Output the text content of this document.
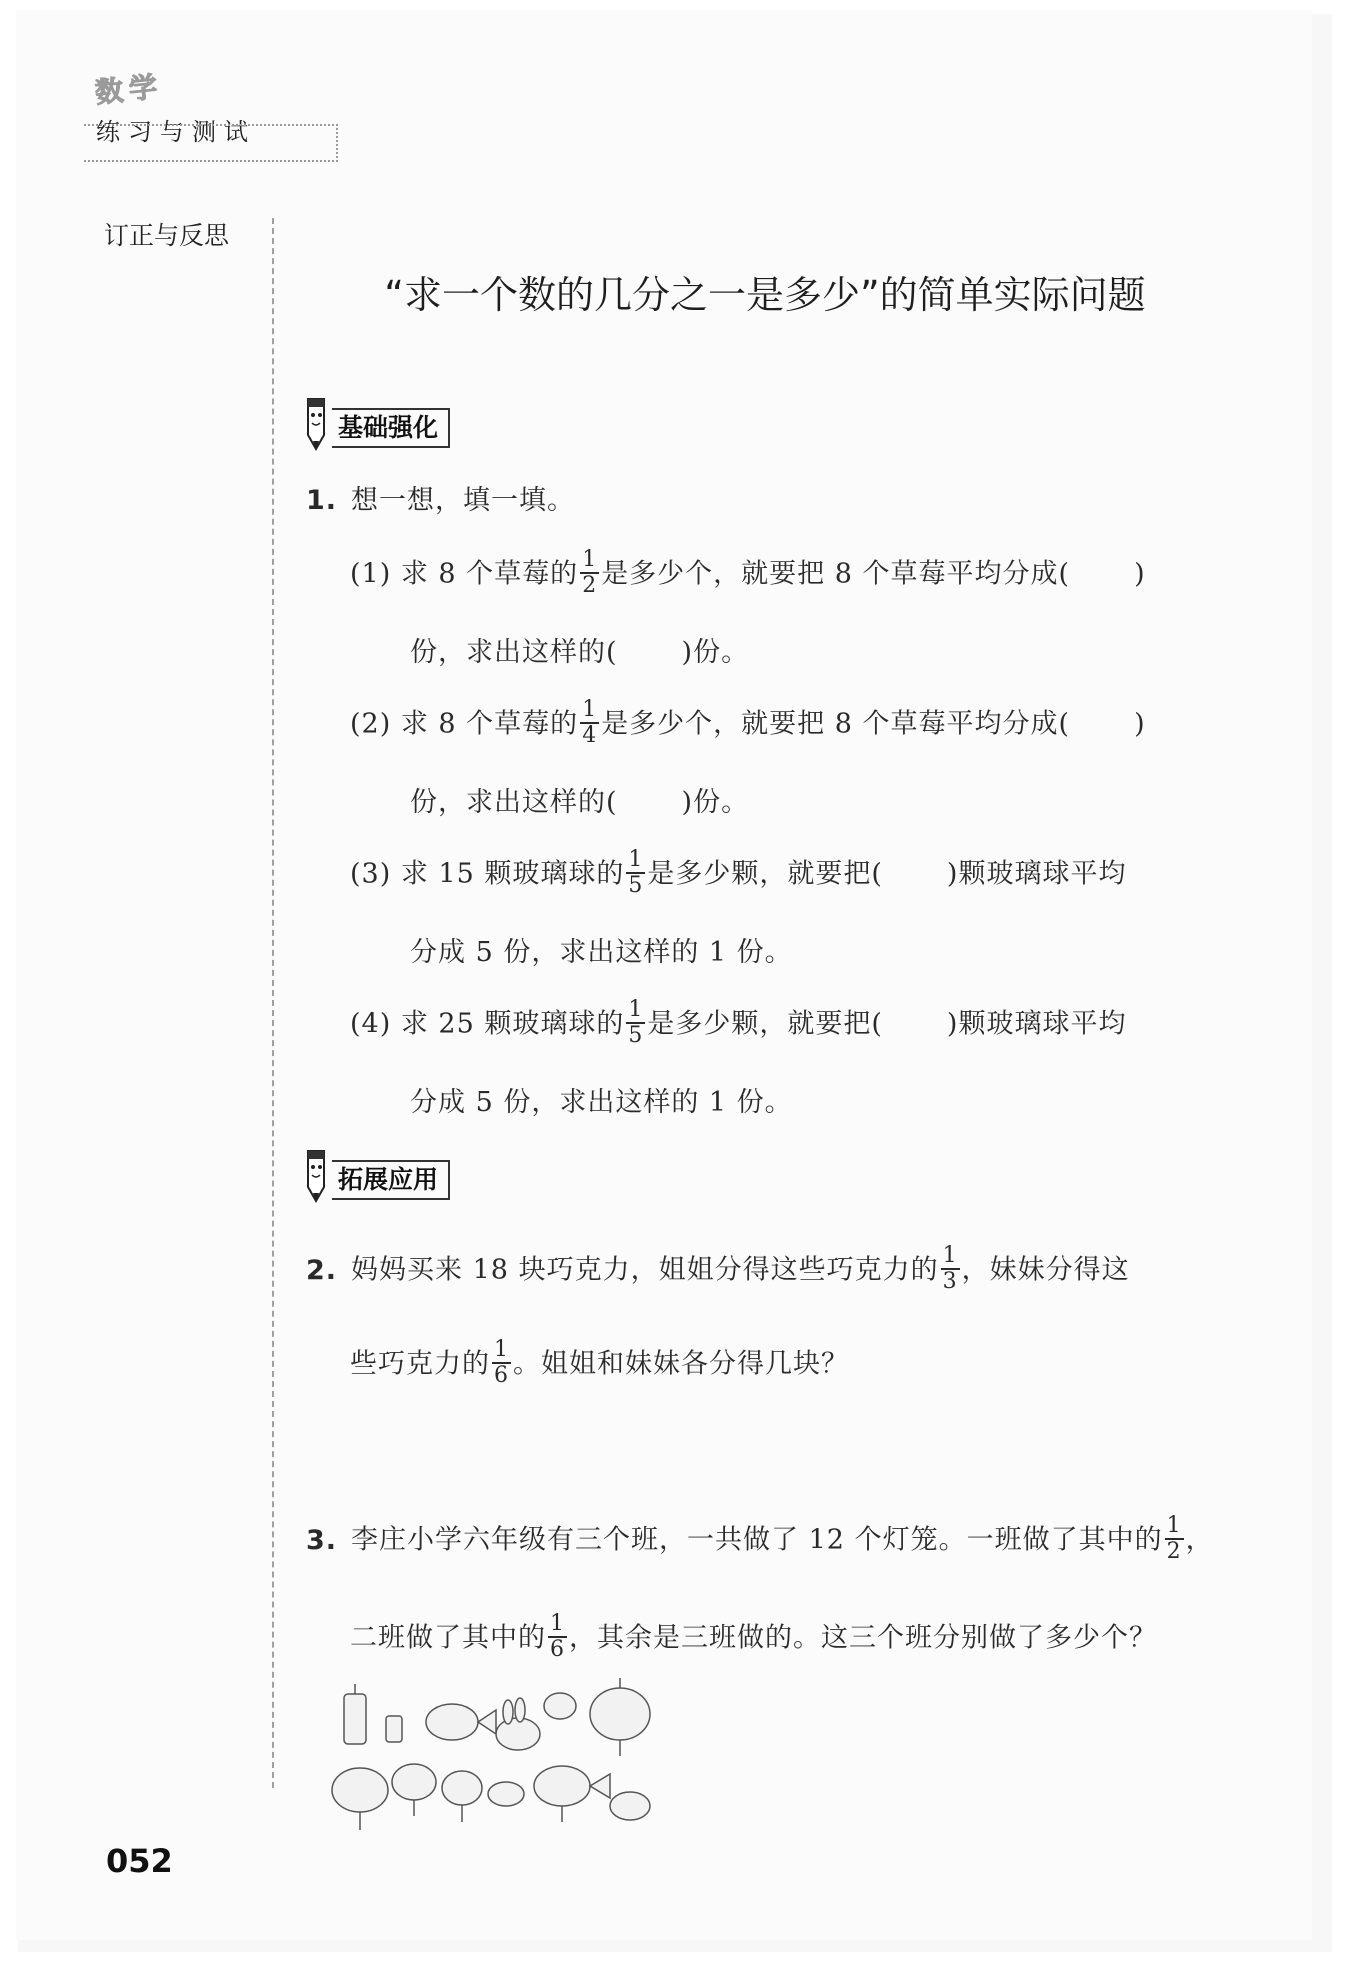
数学
练习与测试
订正与反思
“求一个数的几分之一是多少”的简单实际问题
基础强化
1. 想一想，填一填。
(1) 求 8 个草莓的 $\frac{1}{2}$ 是多少个，就要把 8 个草莓平均分成( )
份，求出这样的( )份。
(2) 求 8 个草莓的 $\frac{1}{4}$ 是多少个，就要把 8 个草莓平均分成( )
份，求出这样的( )份。
(3) 求 15 颗玻璃球的 $\frac{1}{5}$ 是多少颗，就要把( )颗玻璃球平均
分成 5 份，求出这样的 1 份。
(4) 求 25 颗玻璃球的 $\frac{1}{5}$ 是多少颗，就要把( )颗玻璃球平均
分成 5 份，求出这样的 1 份。
拓展应用
2. 妈妈买来 18 块巧克力，姐姐分得这些巧克力的 $\frac{1}{3}$ ，妹妹分得这
些巧克力的 $\frac{1}{6}$ 。姐姐和妹妹各分得几块？
3. 李庄小学六年级有三个班，一共做了 12 个灯笼。一班做了其中的 $\frac{1}{2}$ ，
二班做了其中的 $\frac{1}{6}$ ，其余是三班做的。这三个班分别做了多少个？
052
